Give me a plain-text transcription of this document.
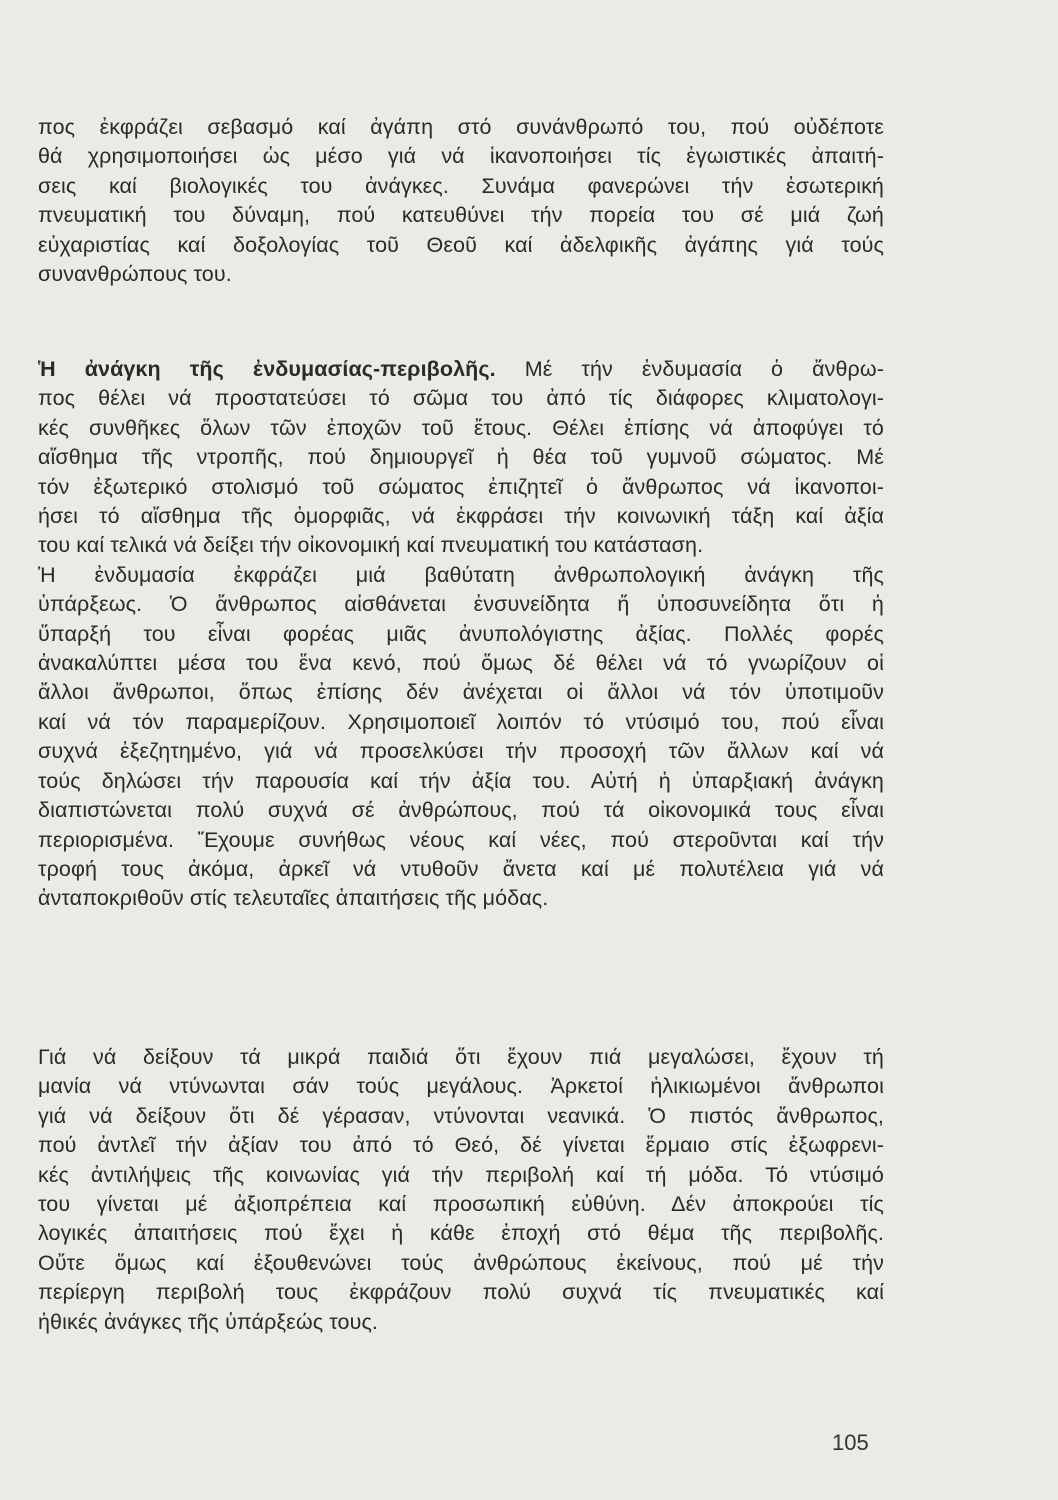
πος ἐκφράζει σεβασμό καί ἀγάπη στό συνάνθρωπό του, πού οὐδέποτε
θά χρησιμοποιήσει ὡς μέσο γιά νά ἱκανοποιήσει τίς ἐγωιστικές ἀπαιτή-
σεις καί βιολογικές του ἀνάγκες. Συνάμα φανερώνει τήν ἐσωτερική
πνευματική του δύναμη, πού κατευθύνει τήν πορεία του σέ μιά ζωή
εὐχαριστίας καί δοξολογίας τοῦ Θεοῦ καί ἀδελφικῆς ἀγάπης γιά τούς
συνανθρώπους του.
Ἡ ἀνάγκη τῆς ἐνδυμασίας-περιβολῆς. Μέ τήν ἐνδυμασία ὁ ἄνθρω-
πος θέλει νά προστατεύσει τό σῶμα του ἀπό τίς διάφορες κλιματολογι-
κές συνθῆκες ὅλων τῶν ἐποχῶν τοῦ ἔτους. Θέλει ἐπίσης νά ἀποφύγει τό
αἴσθημα τῆς ντροπῆς, πού δημιουργεῖ ἡ θέα τοῦ γυμνοῦ σώματος. Μέ
τόν ἐξωτερικό στολισμό τοῦ σώματος ἐπιζητεῖ ὁ ἄνθρωπος νά ἱκανοποι-
ήσει τό αἴσθημα τῆς ὀμορφιᾶς, νά ἐκφράσει τήν κοινωνική τάξη καί ἀξία
του καί τελικά νά δείξει τήν οἰκονομική καί πνευματική του κατάσταση.
Ἡ ἐνδυμασία ἐκφράζει μιά βαθύτατη ἀνθρωπολογική ἀνάγκη τῆς
ὑπάρξεως. Ὁ ἄνθρωπος αἰσθάνεται ἐνσυνείδητα ἤ ὑποσυνείδητα ὅτι ἡ
ὕπαρξή του εἶναι φορέας μιᾶς ἀνυπολόγιστης ἀξίας. Πολλές φορές
ἀνακαλύπτει μέσα του ἕνα κενό, πού ὅμως δέ θέλει νά τό γνωρίζουν οἱ
ἄλλοι ἄνθρωποι, ὅπως ἐπίσης δέν ἀνέχεται οἱ ἄλλοι νά τόν ὑποτιμοῦν
καί νά τόν παραμερίζουν. Χρησιμοποιεῖ λοιπόν τό ντύσιμό του, πού εἶναι
συχνά ἐξεζητημένο, γιά νά προσελκύσει τήν προσοχή τῶν ἄλλων καί νά
τούς δηλώσει τήν παρουσία καί τήν ἀξία του. Αὐτή ἡ ὑπαρξιακή ἀνάγκη
διαπιστώνεται πολύ συχνά σέ ἀνθρώπους, πού τά οἰκονομικά τους εἶναι
περιορισμένα. Ἔχουμε συνήθως νέους καί νέες, πού στεροῦνται καί τήν
τροφή τους ἀκόμα, ἀρκεῖ νά ντυθοῦν ἄνετα καί μέ πολυτέλεια γιά νά
ἀνταποκριθοῦν στίς τελευταῖες ἀπαιτήσεις τῆς μόδας.
Γιά νά δείξουν τά μικρά παιδιά ὅτι ἔχουν πιά μεγαλώσει, ἔχουν τή
μανία νά ντύνωνται σάν τούς μεγάλους. Ἀρκετοί ἡλικιωμένοι ἄνθρωποι
γιά νά δείξουν ὅτι δέ γέρασαν, ντύνονται νεανικά. Ὁ πιστός ἄνθρωπος,
πού ἀντλεῖ τήν ἀξίαν του ἀπό τό Θεό, δέ γίνεται ἕρμαιο στίς ἐξωφρενι-
κές ἀντιλήψεις τῆς κοινωνίας γιά τήν περιβολή καί τή μόδα. Τό ντύσιμό
του γίνεται μέ ἀξιοπρέπεια καί προσωπική εὐθύνη. Δέν ἀποκρούει τίς
λογικές ἀπαιτήσεις πού ἔχει ἡ κάθε ἐποχή στό θέμα τῆς περιβολῆς.
Οὔτε ὅμως καί ἐξουθενώνει τούς ἀνθρώπους ἐκείνους, πού μέ τήν
περίεργη περιβολή τους ἐκφράζουν πολύ συχνά τίς πνευματικές καί
ἠθικές ἀνάγκες τῆς ὑπάρξεώς τους.
105
